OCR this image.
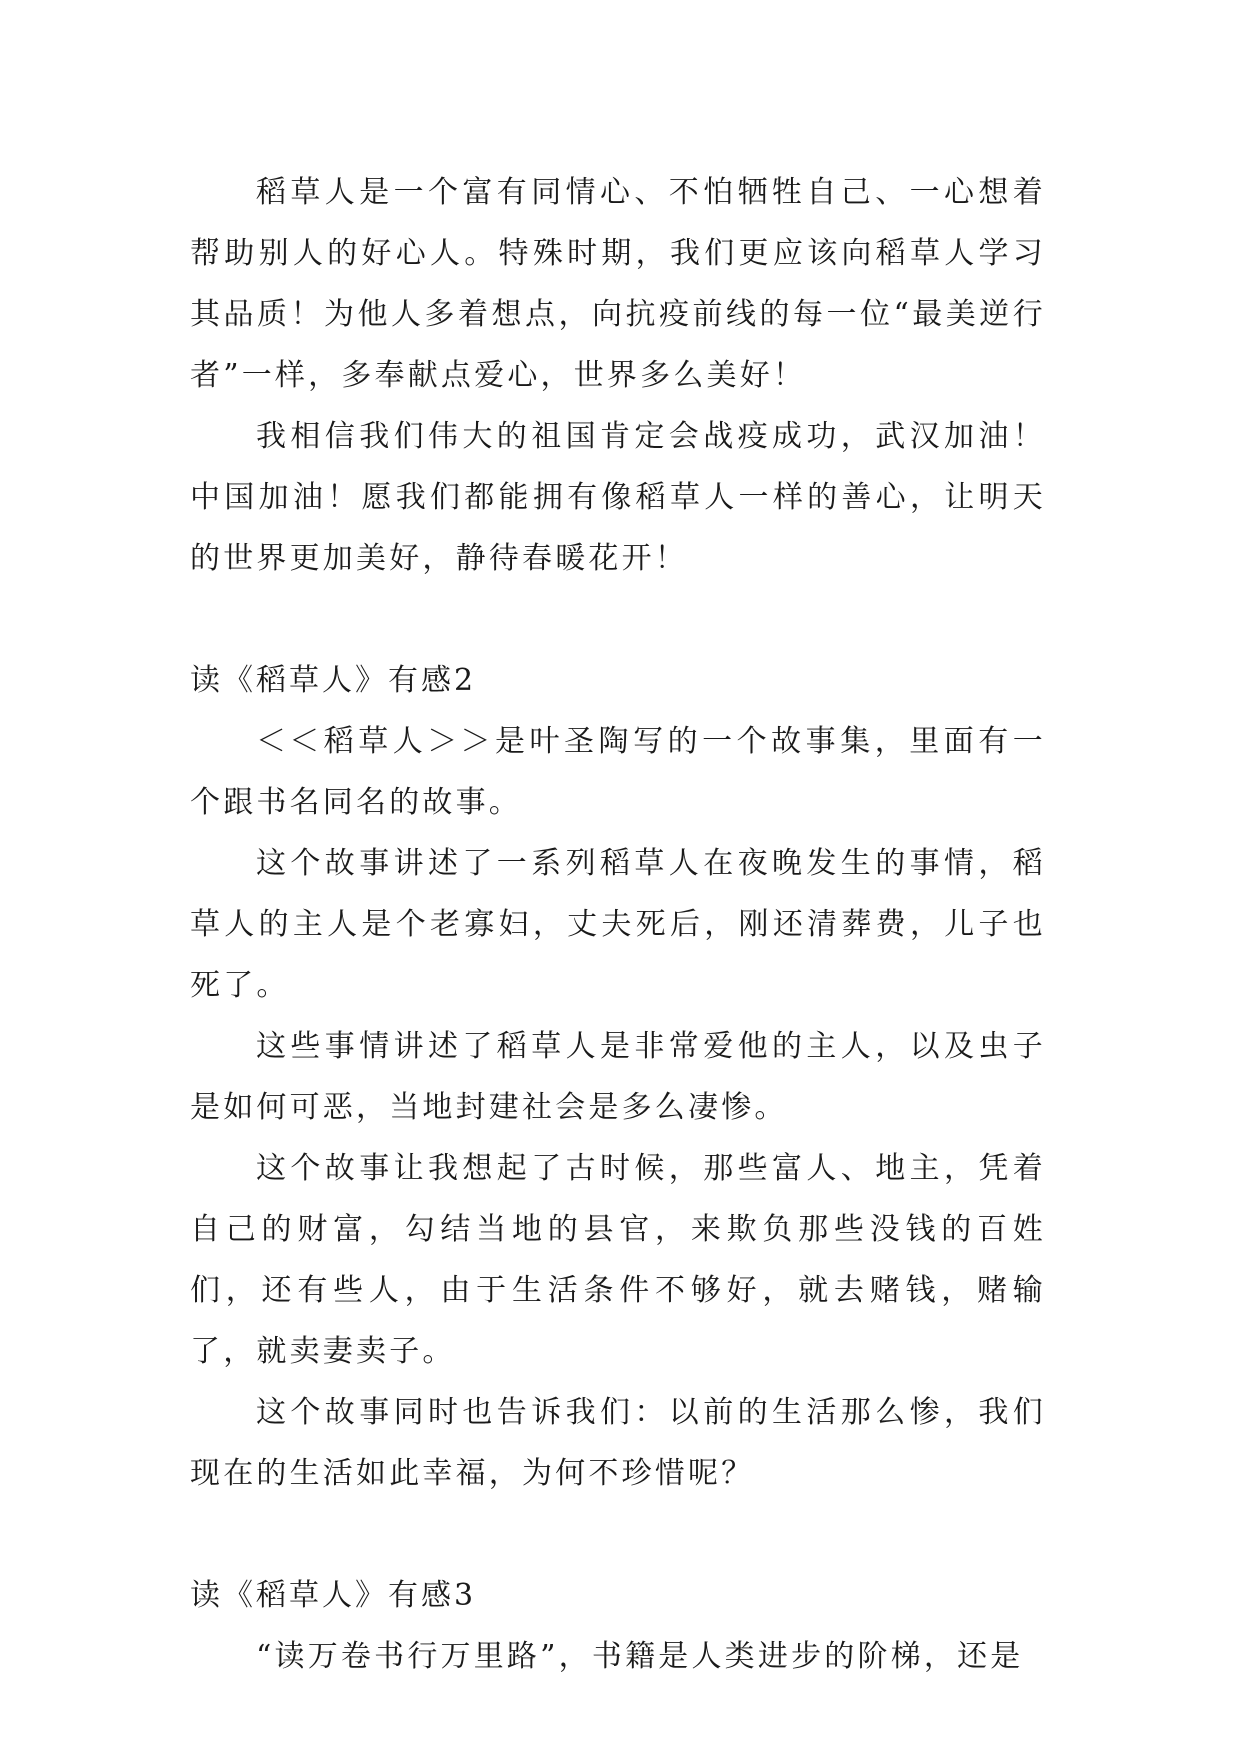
稻草人是一个富有同情心、不怕牺牲自己、一心想着帮助别人的好心人。特殊时期，我们更应该向稻草人学习其品质！为他人多着想点，向抗疫前线的每一位“最美逆行者”一样，多奉献点爱心，世界多么美好！

我相信我们伟大的祖国肯定会战疫成功，武汉加油！中国加油！愿我们都能拥有像稻草人一样的善心，让明天的世界更加美好，静待春暖花开！

读《稻草人》有感2

＜＜稻草人＞＞是叶圣陶写的一个故事集，里面有一个跟书名同名的故事。

这个故事讲述了一系列稻草人在夜晚发生的事情，稻草人的主人是个老寡妇，丈夫死后，刚还清葬费，儿子也死了。

这些事情讲述了稻草人是非常爱他的主人，以及虫子是如何可恶，当地封建社会是多么凄惨。

这个故事让我想起了古时候，那些富人、地主，凭着自己的财富，勾结当地的县官，来欺负那些没钱的百姓们，还有些人，由于生活条件不够好，就去赌钱，赌输了，就卖妻卖子。

这个故事同时也告诉我们：以前的生活那么惨，我们现在的生活如此幸福，为何不珍惜呢？

读《稻草人》有感3

“读万卷书行万里路”，书籍是人类进步的阶梯，还是
